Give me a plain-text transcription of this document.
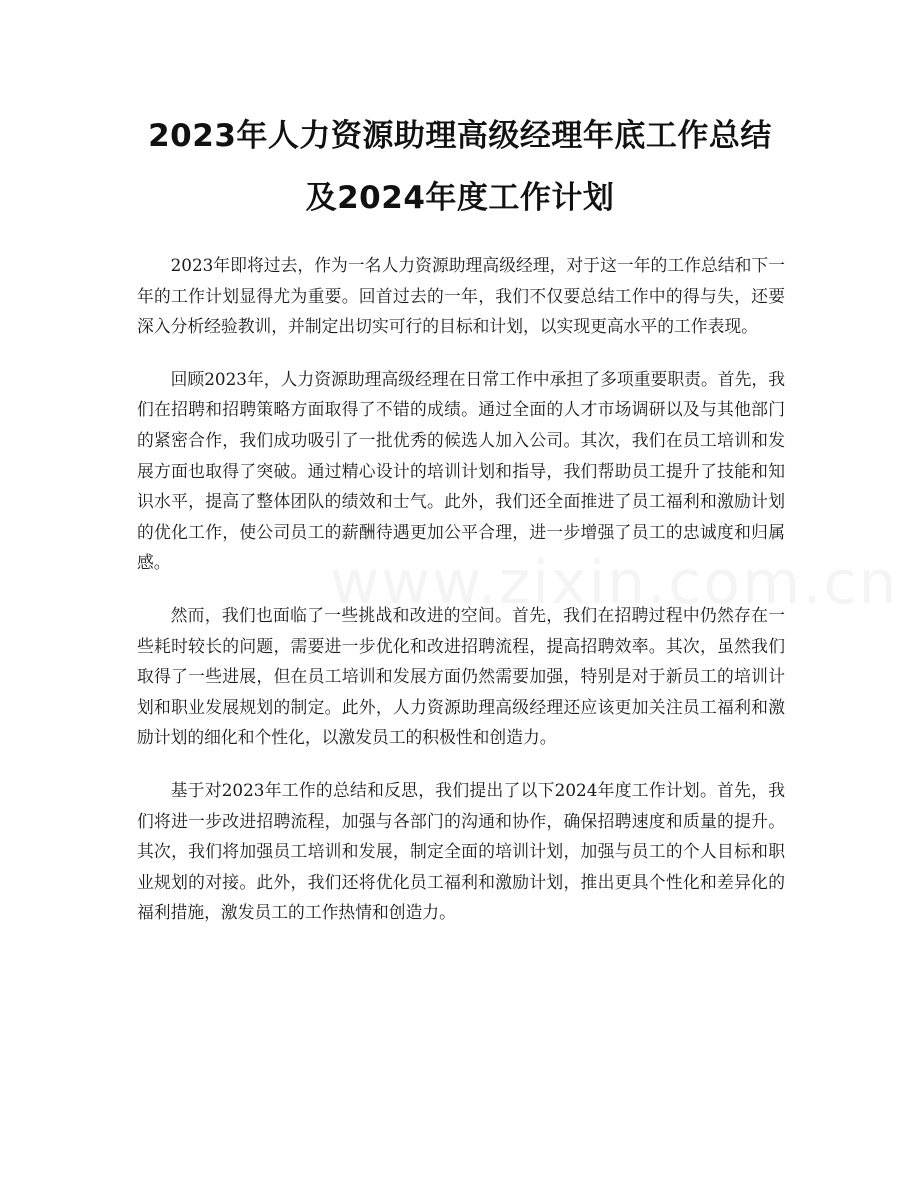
2023年人力资源助理高级经理年底工作总结
及2024年度工作计划

2023年即将过去，作为一名人力资源助理高级经理，对于这一年的工作总结和下一年的工作计划显得尤为重要。回首过去的一年，我们不仅要总结工作中的得与失，还要深入分析经验教训，并制定出切实可行的目标和计划，以实现更高水平的工作表现。

回顾2023年，人力资源助理高级经理在日常工作中承担了多项重要职责。首先，我们在招聘和招聘策略方面取得了不错的成绩。通过全面的人才市场调研以及与其他部门的紧密合作，我们成功吸引了一批优秀的候选人加入公司。其次，我们在员工培训和发展方面也取得了突破。通过精心设计的培训计划和指导，我们帮助员工提升了技能和知识水平，提高了整体团队的绩效和士气。此外，我们还全面推进了员工福利和激励计划的优化工作，使公司员工的薪酬待遇更加公平合理，进一步增强了员工的忠诚度和归属感。

然而，我们也面临了一些挑战和改进的空间。首先，我们在招聘过程中仍然存在一些耗时较长的问题，需要进一步优化和改进招聘流程，提高招聘效率。其次，虽然我们取得了一些进展，但在员工培训和发展方面仍然需要加强，特别是对于新员工的培训计划和职业发展规划的制定。此外，人力资源助理高级经理还应该更加关注员工福利和激励计划的细化和个性化，以激发员工的积极性和创造力。

基于对2023年工作的总结和反思，我们提出了以下2024年度工作计划。首先，我们将进一步改进招聘流程，加强与各部门的沟通和协作，确保招聘速度和质量的提升。其次，我们将加强员工培训和发展，制定全面的培训计划，加强与员工的个人目标和职业规划的对接。此外，我们还将优化员工福利和激励计划，推出更具个性化和差异化的福利措施，激发员工的工作热情和创造力。
